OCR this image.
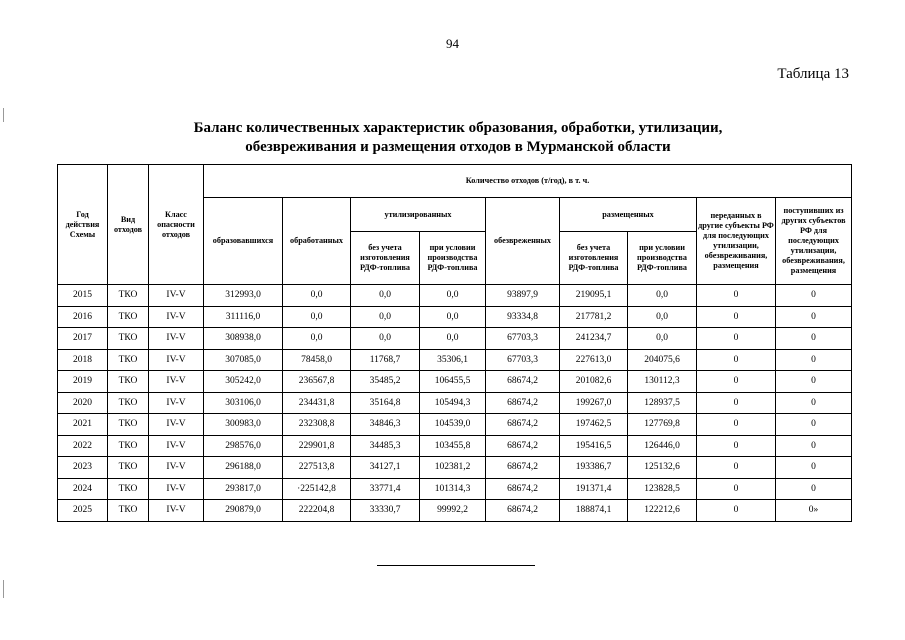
94
Таблица 13
Баланс количественных характеристик образования, обработки, утилизации,
обезвреживания и размещения отходов в Мурманской области
Год действия Схемы	Вид отходов	Класс опасности отходов	Количество отходов (т/год), в т. ч.								
			образовавшихся	обработанных	утилизированных		обезвреженных	размещенных		переданных в другие субъекты РФ для последующих утилизации, обезвреживания, размещения	поступивших из других субъектов РФ для последующих утилизации, обезвреживания, размещения
					без учета изготовления РДФ-топлива	при условии производства РДФ-топлива		без учета изготовления РДФ-топлива	при условии производства РДФ-топлива		
2015	ТКО	IV-V	312993,0	0,0	0,0	0,0	93897,9	219095,1	0,0	0	0
2016	ТКО	IV-V	311116,0	0,0	0,0	0,0	93334,8	217781,2	0,0	0	0
2017	ТКО	IV-V	308938,0	0,0	0,0	0,0	67703,3	241234,7	0,0	0	0
2018	ТКО	IV-V	307085,0	78458,0	11768,7	35306,1	67703,3	227613,0	204075,6	0	0
2019	ТКО	IV-V	305242,0	236567,8	35485,2	106455,5	68674,2	201082,6	130112,3	0	0
2020	ТКО	IV-V	303106,0	234431,8	35164,8	105494,3	68674,2	199267,0	128937,5	0	0
2021	ТКО	IV-V	300983,0	232308,8	34846,3	104539,0	68674,2	197462,5	127769,8	0	0
2022	ТКО	IV-V	298576,0	229901,8	34485,3	103455,8	68674,2	195416,5	126446,0	0	0
2023	ТКО	IV-V	296188,0	227513,8	34127,1	102381,2	68674,2	193386,7	125132,6	0	0
2024	ТКО	IV-V	293817,0	·225142,8	33771,4	101314,3	68674,2	191371,4	123828,5	0	0
2025	ТКО	IV-V	290879,0	222204,8	33330,7	99992,2	68674,2	188874,1	122212,6	0	0»
